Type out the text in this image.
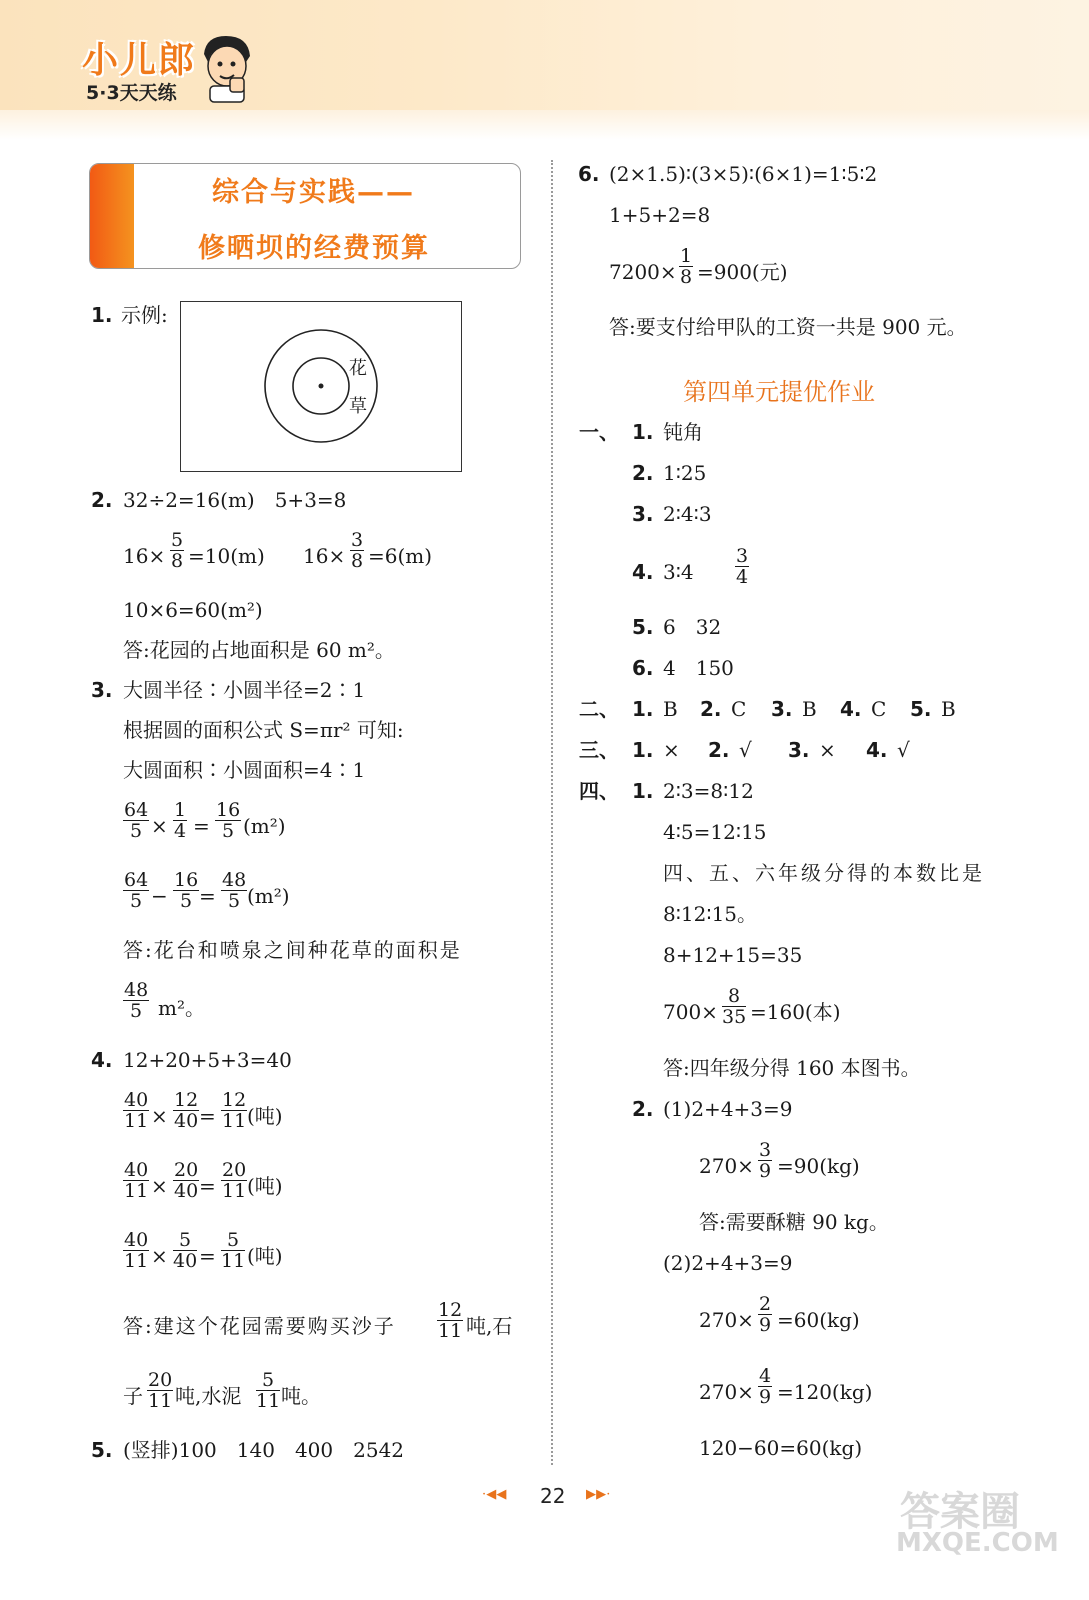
小儿郎
5·3天天练
综合与实践——
修晒坝的经费预算
1. 示例:
花
草
2. 32÷2=16(m)　5+3=8
$16\times \frac{5}{8} =10(m)$ $16\times \frac{3}{8} =6(m)$
10×6=60(m²)
答:花园的占地面积是 60 m²。
3. 大圆半径∶小圆半径=2∶1
根据圆的面积公式 S=πr² 可知:
大圆面积∶小圆面积=4∶1
$\frac{64}{5} \times \frac{1}{4} = \frac{16}{5} (m^2)$
$\frac{64}{5} - \frac{16}{5} = \frac{48}{5} (m^2)$
答:花台和喷泉之间种花草的面积是
$\frac{48}{5} m^2$。
4. 12+20+5+3=40
$\frac{40}{11} \times \frac{12}{40} = \frac{12}{11}$ (吨)
$\frac{40}{11} \times \frac{20}{40} = \frac{20}{11}$ (吨)
$\frac{40}{11} \times \frac{5}{40} = \frac{5}{11}$ (吨)
答:建这个花园需要购买沙子 $\frac{12}{11}$ 吨,石
子 $\frac{20}{11}$ 吨,水泥 $\frac{5}{11}$ 吨。
5. (竖排)100　140　400　2542
6. (2×1.5)∶(3×5)∶(6×1)=1∶5∶2
1+5+2=8
$7200\times \frac{1}{8} =900$(元)
答:要支付给甲队的工资一共是 900 元。
第四单元提优作业
一、 1. 钝角
2. 1∶25
3. 2∶4∶3
4. 3∶4 $\frac{3}{4}$
5. 6　32
6. 4　150
二、 1. B 2. C 3. B 4. C 5. B
三、 1. × 2. √ 3. × 4. √
四、 1. 2∶3=8∶12
4∶5=12∶15
四、五、六年级分得的本数比是
8∶12∶15。
8+12+15=35
$700\times \frac{8}{35} =160$(本)
答:四年级分得 160 本图书。
2. (1)2+4+3=9
$270\times \frac{3}{9} =90(kg)$
答:需要酥糖 90 kg。
(2)2+4+3=9
$270\times \frac{2}{9} =60(kg)$
$270\times \frac{4}{9} =120(kg)$
120−60=60(kg)
· ◀ ◀ 22 ▶ ▶ ·	答案圈
MXQE.COM
